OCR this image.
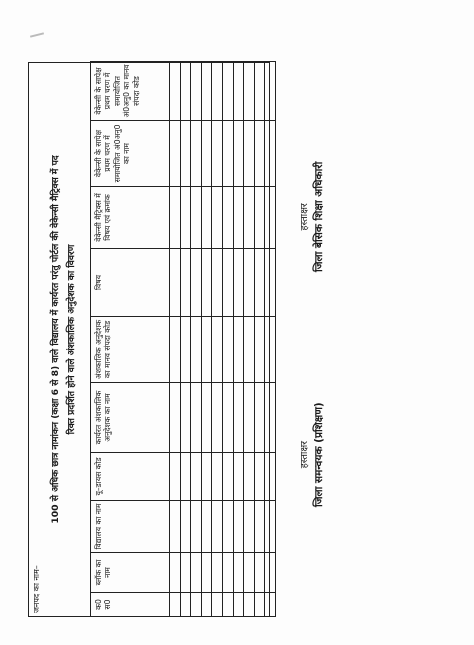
जनपद का नाम–
100 से अधिक छात्र नामांकन (कक्षा 6 से 8) वाले विद्यालय में कार्यरत परंतु पोर्टल की वेकेन्सी मैट्रिक्स में पद रिक्त प्रदर्शित होने वाले अंशकालिक अनुदेशक का विवरण
क0 स0	ब्लॉक का नाम	विद्यालय का नाम	यू–डायस कोड	कार्यरत अंशकालिक अनुदेशक का नाम	अंशकालिक अनुदेशक का मानव संपदा कोड	विषय	वेकेन्सी मैट्रिक्स में विषय एवं क्रमांक	वेकेन्सी के सापेक्ष प्रथम चरण में समायोजित अं0अनु0 का नाम	वेकेन्सी के सापेक्ष प्रथम चरण में समायोजित अं0अनु0 का मानव संपदा कोड

हस्ताक्षर जिला समन्वयक (प्रशिक्षण)
हस्ताक्षर जिला बेसिक शिक्षा अधिकारी
